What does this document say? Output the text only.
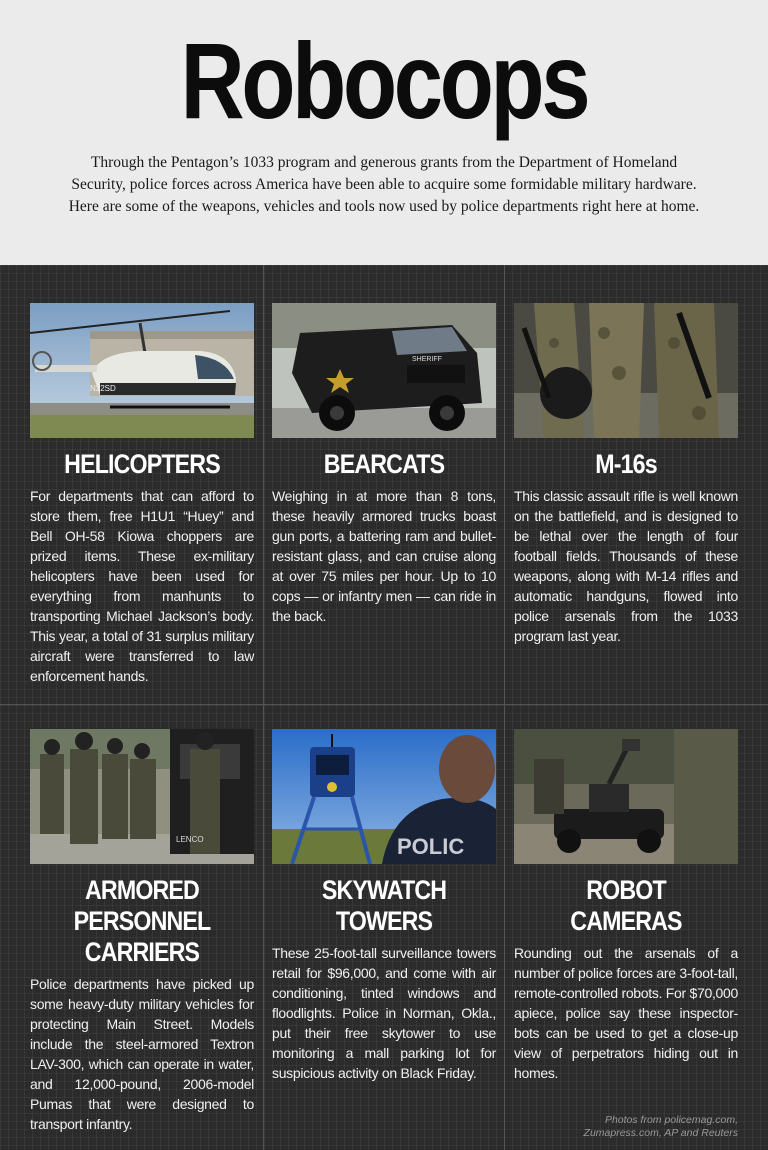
Robocops
Through the Pentagon’s 1033 program and generous grants from the Department of Homeland Security, police forces across America have been able to acquire some formidable military hardware. Here are some of the weapons, vehicles and tools now used by police departments right here at home.
N22SD
HELICOPTERS
For departments that can afford to store them, free H1U1 “Huey” and Bell OH-58 Kiowa choppers are prized items. These ex-military helicopters have been used for everything from manhunts to transporting Michael Jackson’s body. This year, a total of 31 surplus military aircraft were transferred to law enforcement hands.
SHERIFF
BEARCATS
Weighing in at more than 8 tons, these heavily armored trucks boast gun ports, a battering ram and bullet-resistant glass, and can cruise along at over 75 miles per hour. Up to 10 cops — or infantry men — can ride in the back.
M-16s
This classic assault rifle is well known on the battlefield, and is designed to be lethal over the length of four football fields. Thousands of these weapons, along with M-14 rifles and automatic handguns, flowed into police arsenals from the 1033 program last year.
LENCO
ARMORED
PERSONNEL CARRIERS
Police departments have picked up some heavy-duty military vehicles for protecting Main Street. Models include the steel-armored Textron LAV-300, which can operate in water, and 12,000-pound, 2006-model Pumas that were designed to transport infantry.
POLIC
SKYWATCH
TOWERS
These 25-foot-tall surveillance towers retail for $96,000, and come with air conditioning, tinted windows and floodlights. Police in Norman, Okla., put their free skytower to use monitoring a mall parking lot for suspicious activity on Black Friday.
ROBOT
CAMERAS
Rounding out the arsenals of a number of police forces are 3-foot-tall, remote-controlled robots. For $70,000 apiece, police say these inspector-bots can be used to get a close-up view of perpetrators hiding out in homes.
Photos from policemag.com,
Zumapress.com, AP and Reuters
